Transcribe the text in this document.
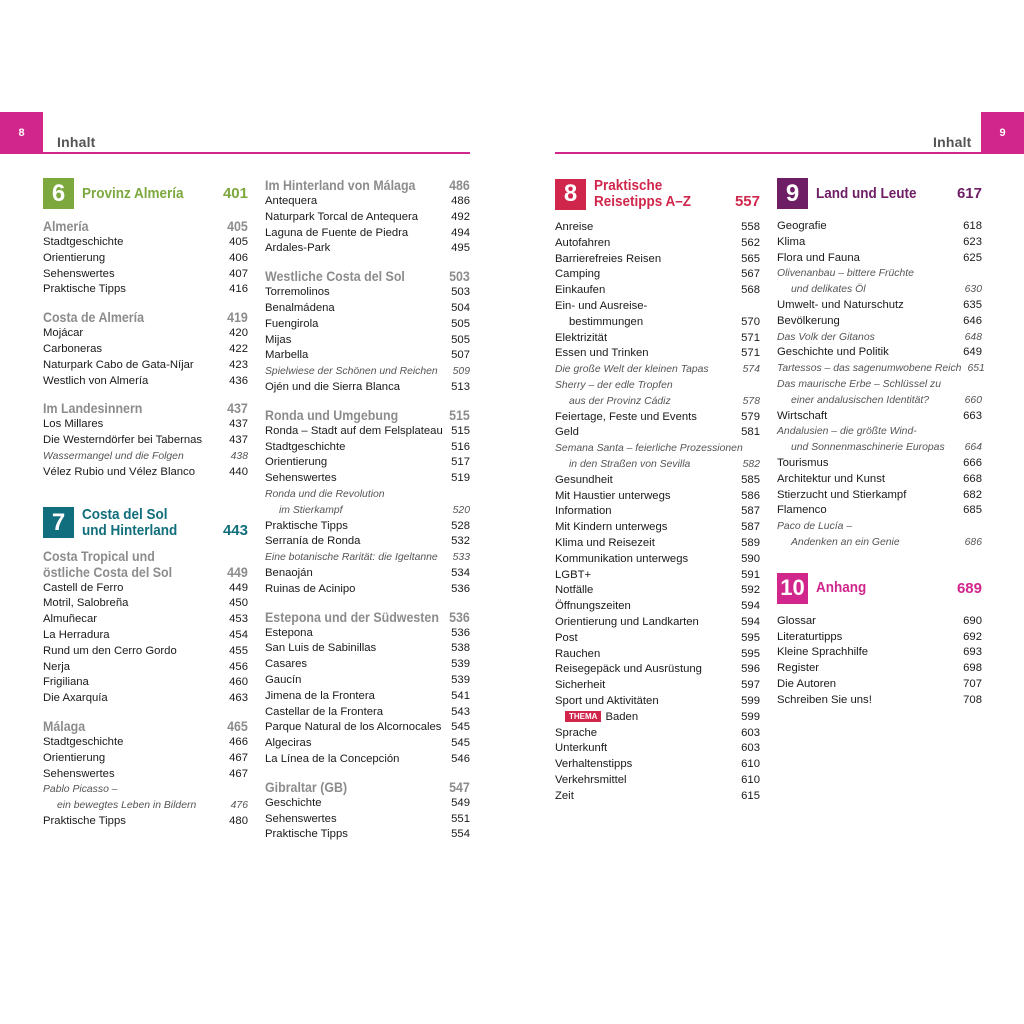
8
Inhalt	Inhalt
9
6	Provinz Almería	401
Almería	405
Stadtgeschichte	405
Orientierung	406
Sehenswertes	407
Praktische Tipps	416
Costa de Almería	419
Mojácar	420
Carboneras	422
Naturpark Cabo de Gata-Níjar	423
Westlich von Almería	436
Im Landesinnern	437
Los Millares	437
Die Westerndörfer bei Tabernas	437
Wassermangel und die Folgen	438
Vélez Rubio und Vélez Blanco	440
7	Costa del Sol
und Hinterland	443
Costa Tropical und
östliche Costa del Sol	449
Castell de Ferro	449
Motril, Salobreña	450
Almuñecar	453
La Herradura	454
Rund um den Cerro Gordo	455
Nerja	456
Frigiliana	460
Die Axarquía	463
Málaga	465
Stadtgeschichte	466
Orientierung	467
Sehenswertes	467
Pablo Picasso –
ein bewegtes Leben in Bildern	476
Praktische Tipps	480
Im Hinterland von Málaga 486
Antequera	486
Naturpark Torcal de Antequera	492
Laguna de Fuente de Piedra	494
Ardales-Park	495
Westliche Costa del Sol	503
Torremolinos	503
Benalmádena	504
Fuengirola	505
Mijas	505
Marbella	507
Spielwiese der Schönen und Reichen	509
Ojén und die Sierra Blanca	513
Ronda und Umgebung	515
Ronda – Stadt auf dem Felsplateau 515
Stadtgeschichte	516
Orientierung	517
Sehenswertes	519
Ronda und die Revolution
im Stierkampf	520
Praktische Tipps	528
Serranía de Ronda	532
Eine botanische Rarität: die Igeltanne	533
Benaoján	534
Ruinas de Acinipo	536
Estepona und der Südwesten 536
Estepona	536
San Luis de Sabinillas	538
Casares	539
Gaucín	539
Jimena de la Frontera	541
Castellar de la Frontera	543
Parque Natural de los Alcornocales 545
Algeciras	545
La Línea de la Concepción	546
Gibraltar (GB)	547
Geschichte	549
Sehenswertes	551
Praktische Tipps	554
8	Praktische
Reisetipps A–Z	557
Anreise	558
Autofahren	562
Barrierefreies Reisen	565
Camping	567
Einkaufen	568
Ein- und Ausreise-
bestimmungen	570
Elektrizität	571
Essen und Trinken	571
Die große Welt der kleinen Tapas	574
Sherry – der edle Tropfen
aus der Provinz Cádiz	578
Feiertage, Feste und Events	579
Geld	581
Semana Santa – feierliche Prozessionen
in den Straßen von Sevilla	582
Gesundheit	585
Mit Haustier unterwegs	586
Information	587
Mit Kindern unterwegs	587
Klima und Reisezeit	589
Kommunikation unterwegs	590
LGBT+	591
Notfälle	592
Öffnungszeiten	594
Orientierung und Landkarten	594
Post	595
Rauchen	595
Reisegepäck und Ausrüstung	596
Sicherheit	597
Sport und Aktivitäten	599
THEMA Baden	599
Sprache	603
Unterkunft	603
Verhaltenstipps	610
Verkehrsmittel	610
Zeit	615
9	Land und Leute	617
Geografie	618
Klima	623
Flora und Fauna	625
Olivenanbau – bittere Früchte
und delikates Öl	630
Umwelt- und Naturschutz	635
Bevölkerung	646
Das Volk der Gitanos	648
Geschichte und Politik	649
Tartessos – das sagenumwobene Reich 651
Das maurische Erbe – Schlüssel zu
einer andalusischen Identität?	660
Wirtschaft	663
Andalusien – die größte Wind-
und Sonnenmaschinerie Europas	664
Tourismus	666
Architektur und Kunst	668
Stierzucht und Stierkampf	682
Flamenco	685
Paco de Lucía –
Andenken an ein Genie	686
10 Anhang	689
Glossar	690
Literaturtipps	692
Kleine Sprachhilfe	693
Register	698
Die Autoren	707
Schreiben Sie uns!	708
